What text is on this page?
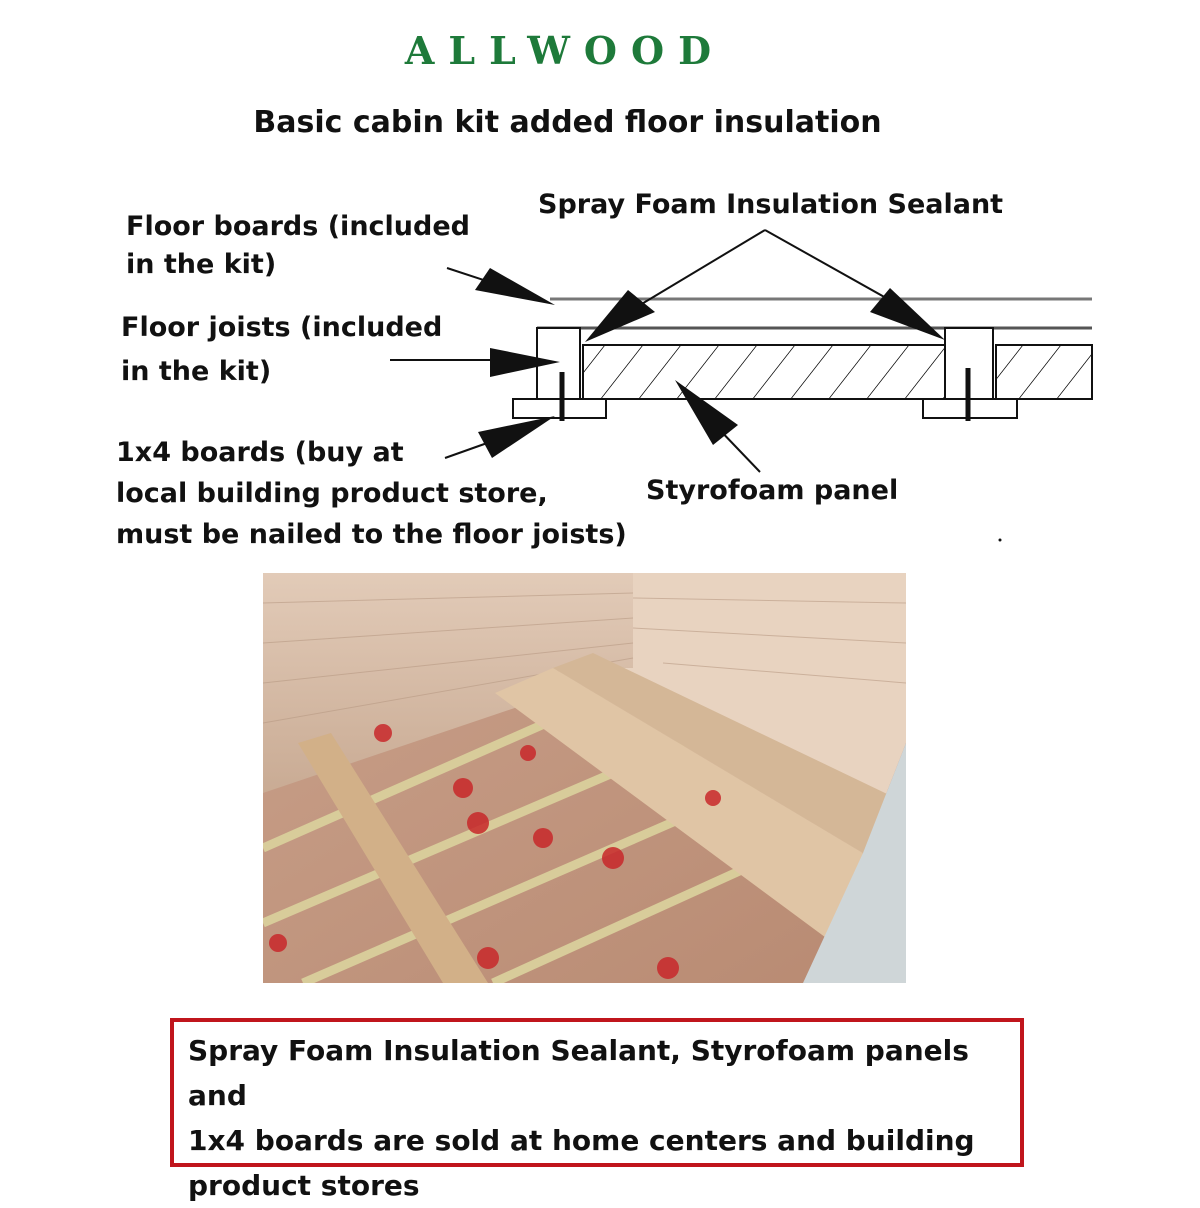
ALLWOOD
Basic cabin kit added floor insulation
Spray Foam Insulation Sealant
Floor boards (included
in the kit)
Floor joists (included
in the kit)
1x4 boards (buy at
local building product store,
must be nailed to the floor joists)
Styrofoam panel
Spray Foam Insulation Sealant, Styrofoam panels and
1x4 boards are sold at home centers and building
product stores
